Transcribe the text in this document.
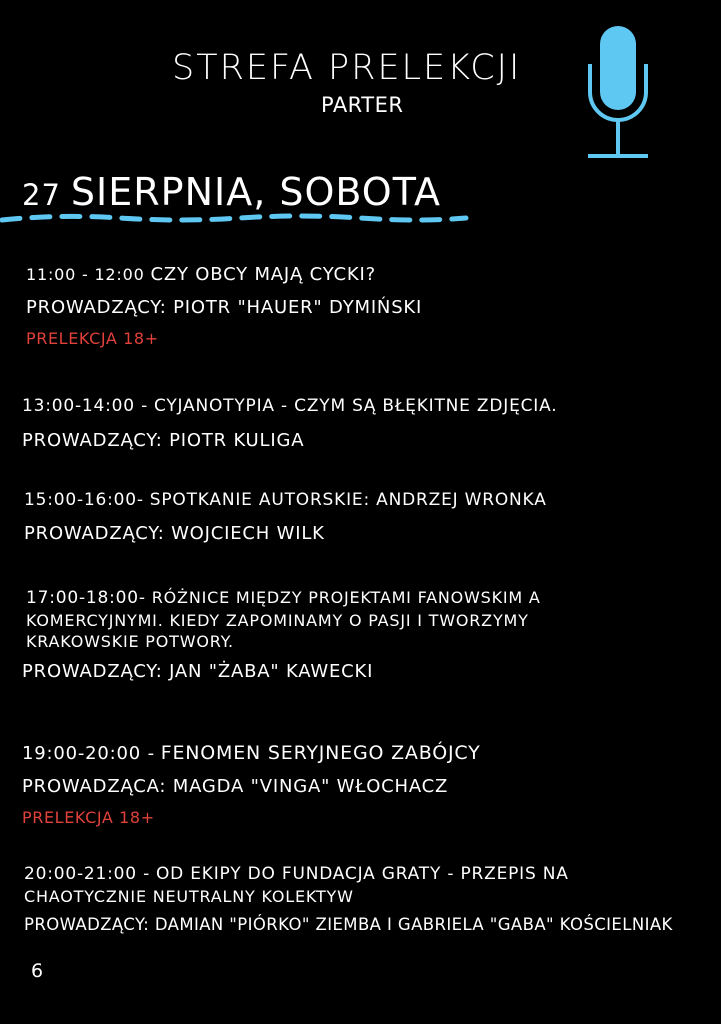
STREFA PRELEKCJI
PARTER
27 SIERPNIA, SOBOTA
11:00 - 12:00 CZY OBCY MAJĄ CYCKI?
PROWADZĄCY: PIOTR "HAUER" DYMIŃSKI
PRELEKCJA 18+
13:00-14:00 - CYJANOTYPIA - CZYM SĄ BŁĘKITNE ZDJĘCIA.
PROWADZĄCY: PIOTR KULIGA
15:00-16:00- SPOTKANIE AUTORSKIE: ANDRZEJ WRONKA
PROWADZĄCY: WOJCIECH WILK
17:00-18:00- RÓŻNICE MIĘDZY PROJEKTAMI FANOWSKIM A
KOMERCYJNYMI. KIEDY ZAPOMINAMY O PASJI I TWORZYMY
KRAKOWSKIE POTWORY.
PROWADZĄCY: JAN "ŻABA" KAWECKI
19:00-20:00 - FENOMEN SERYJNEGO ZABÓJCY
PROWADZĄCA: MAGDA "VINGA" WŁOCHACZ
PRELEKCJA 18+
20:00-21:00 - OD EKIPY DO FUNDACJA GRATY - PRZEPIS NA
CHAOTYCZNIE NEUTRALNY KOLEKTYW
PROWADZĄCY: DAMIAN "PIÓRKO" ZIEMBA I GABRIELA "GABA" KOŚCIELNIAK
6
